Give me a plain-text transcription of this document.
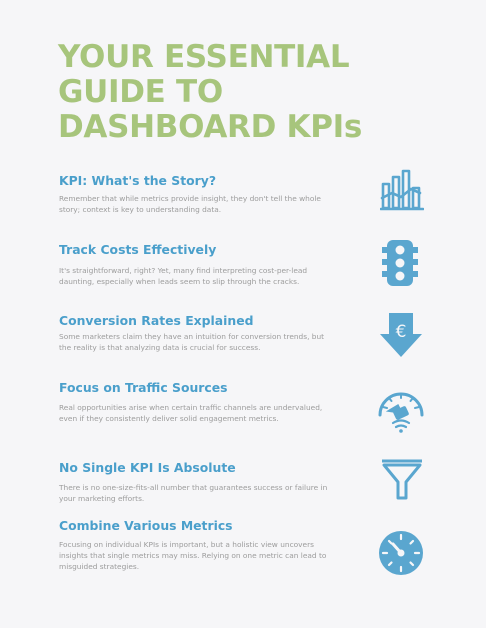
YOUR ESSENTIAL
GUIDE TO
DASHBOARD KPIs
KPI: What's the Story?

Remember that while metrics provide insight, they don't tell the whole story; context is key to understanding data.

Track Costs Effectively

It's straightforward, right? Yet, many find interpreting cost-per-lead daunting, especially when leads seem to slip through the cracks.

Conversion Rates Explained

Some marketers claim they have an intuition for conversion trends, but the reality is that analyzing data is crucial for success.

€
Focus on Traffic Sources

Real opportunities arise when certain traffic channels are undervalued, even if they consistently deliver solid engagement metrics.

No Single KPI Is Absolute

There is no one-size-fits-all number that guarantees success or failure in your marketing efforts.

Combine Various Metrics

Focusing on individual KPIs is important, but a holistic view uncovers insights that single metrics may miss. Relying on one metric can lead to misguided strategies.
